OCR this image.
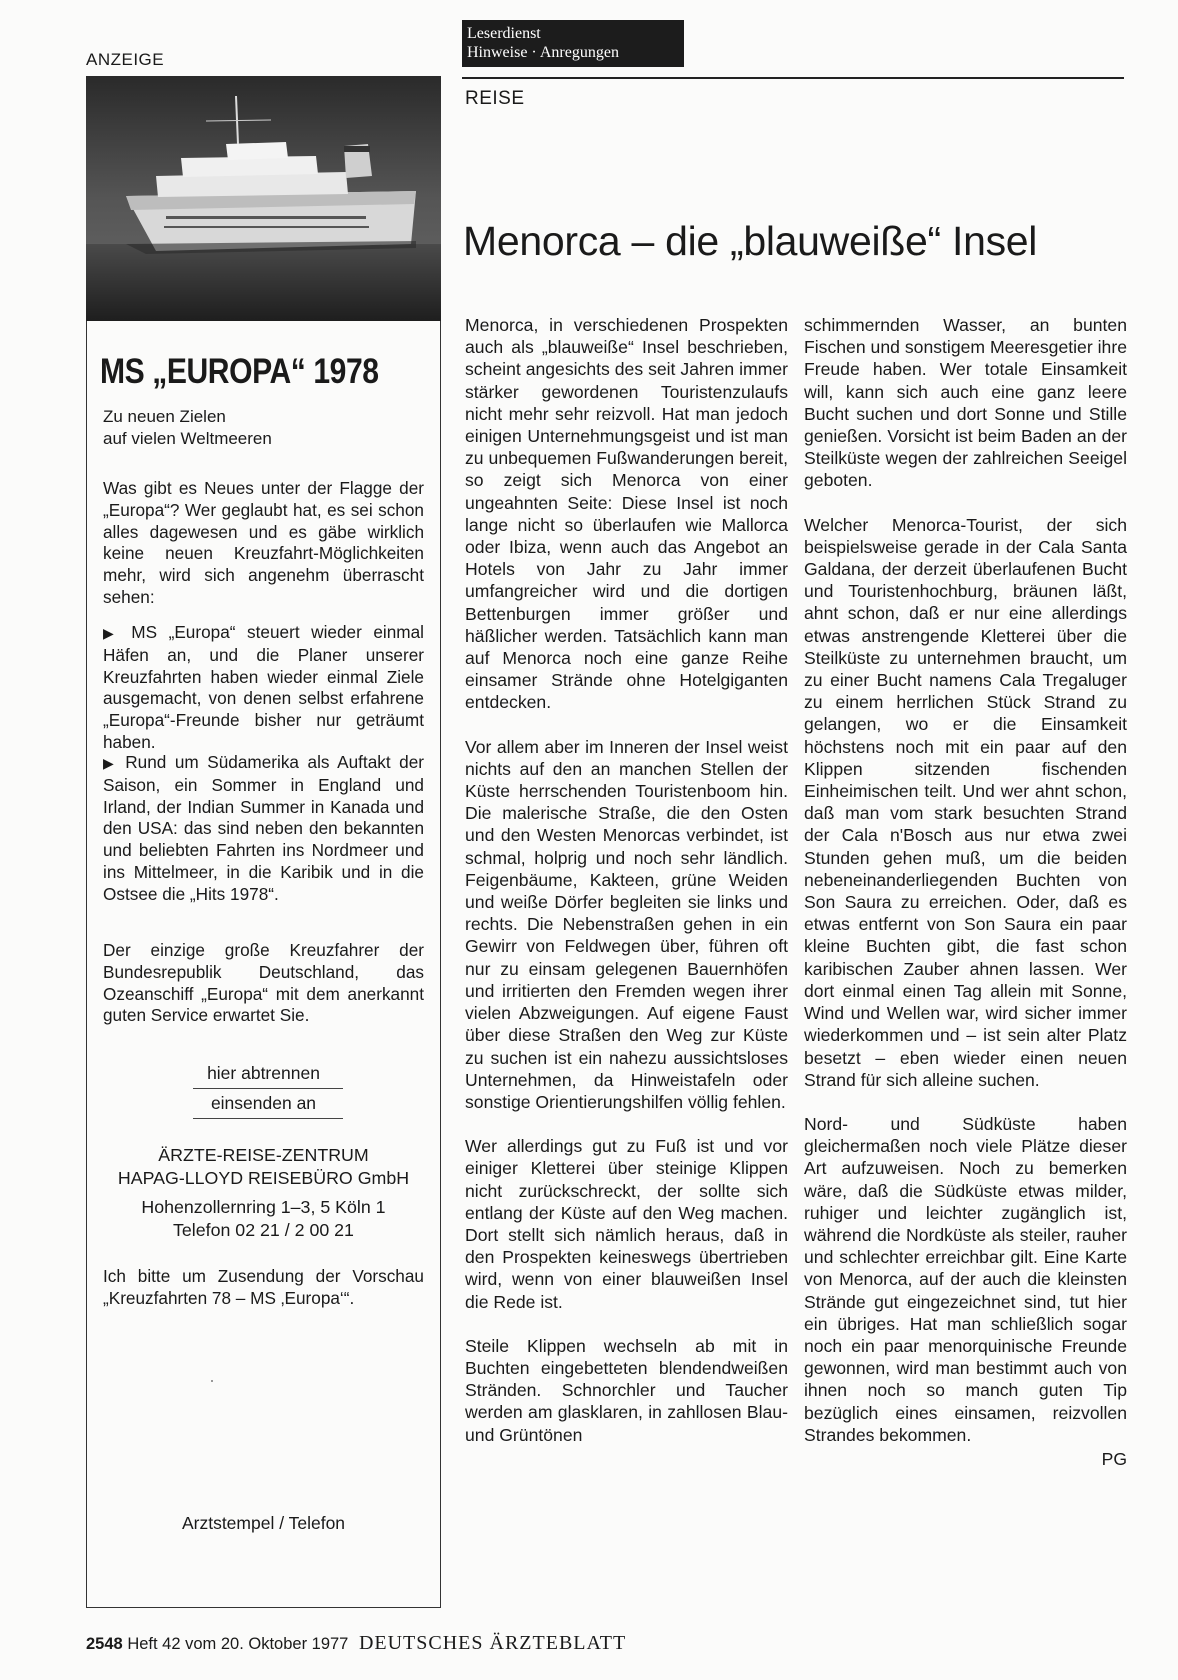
ANZEIGE
Leserdienst
Hinweise · Anregungen
REISE
Menorca – die „blauweiße“ Insel
MS „EUROPA“ 1978
Zu neuen Zielen
auf vielen Weltmeeren

Was gibt es Neues unter der Flagge der „Europa“? Wer geglaubt hat, es sei schon alles dagewesen und es gäbe wirklich keine neuen Kreuzfahrt-Möglichkeiten mehr, wird sich angenehm überrascht sehen:

▶ MS „Europa“ steuert wieder einmal Häfen an, und die Planer unserer Kreuzfahrten haben wieder einmal Ziele ausgemacht, von denen selbst erfahrene „Europa“-Freunde bisher nur geträumt haben.

▶ Rund um Südamerika als Auftakt der Saison, ein Sommer in England und Irland, der Indian Summer in Kanada und den USA: das sind neben den bekannten und beliebten Fahrten ins Nordmeer und ins Mittelmeer, in die Karibik und in die Ostsee die „Hits 1978“.

Der einzige große Kreuzfahrer der Bundesrepublik Deutschland, das Ozeanschiff „Europa“ mit dem anerkannt guten Service erwartet Sie.

hier abtrennen
einsenden an
ÄRZTE-REISE-ZENTRUM
HAPAG-LLOYD REISEBÜRO GmbH
Hohenzollernring 1–3, 5 Köln 1
Telefon 02 21 / 2 00 21

Ich bitte um Zusendung der Vorschau „Kreuzfahrten 78 – MS ‚Europa‘“.

Arztstempel / Telefon

Menorca, in verschiedenen Prospekten auch als „blauweiße“ Insel beschrieben, scheint angesichts des seit Jahren immer stärker gewordenen Touristenzulaufs nicht mehr sehr reizvoll. Hat man jedoch einigen Unternehmungsgeist und ist man zu unbequemen Fußwanderungen bereit, so zeigt sich Menorca von einer ungeahnten Seite: Diese Insel ist noch lange nicht so überlaufen wie Mallorca oder Ibiza, wenn auch das Angebot an Hotels von Jahr zu Jahr immer umfangreicher wird und die dortigen Bettenburgen immer größer und häßlicher werden. Tatsächlich kann man auf Menorca noch eine ganze Reihe einsamer Strände ohne Hotelgiganten entdecken.

Vor allem aber im Inneren der Insel weist nichts auf den an manchen Stellen der Küste herrschenden Touristenboom hin. Die malerische Straße, die den Osten und den Westen Menorcas verbindet, ist schmal, holprig und noch sehr ländlich. Feigenbäume, Kakteen, grüne Weiden und weiße Dörfer begleiten sie links und rechts. Die Nebenstraßen gehen in ein Gewirr von Feldwegen über, führen oft nur zu einsam gelegenen Bauernhöfen und irritierten den Fremden wegen ihrer vielen Abzweigungen. Auf eigene Faust über diese Straßen den Weg zur Küste zu suchen ist ein nahezu aussichtsloses Unternehmen, da Hinweistafeln oder sonstige Orientierungshilfen völlig fehlen.

Wer allerdings gut zu Fuß ist und vor einiger Kletterei über steinige Klippen nicht zurückschreckt, der sollte sich entlang der Küste auf den Weg machen. Dort stellt sich nämlich heraus, daß in den Prospekten keineswegs übertrieben wird, wenn von einer blauweißen Insel die Rede ist.

Steile Klippen wechseln ab mit in Buchten eingebetteten blendendweißen Stränden. Schnorchler und Taucher werden am glasklaren, in zahllosen Blau- und Grüntönen

schimmernden Wasser, an bunten Fischen und sonstigem Meeresgetier ihre Freude haben. Wer totale Einsamkeit will, kann sich auch eine ganz leere Bucht suchen und dort Sonne und Stille genießen. Vorsicht ist beim Baden an der Steilküste wegen der zahlreichen Seeigel geboten.

Welcher Menorca-Tourist, der sich beispielsweise gerade in der Cala Santa Galdana, der derzeit überlaufenen Bucht und Touristenhochburg, bräunen läßt, ahnt schon, daß er nur eine allerdings etwas anstrengende Kletterei über die Steilküste zu unternehmen braucht, um zu einer Bucht namens Cala Tregaluger zu einem herrlichen Stück Strand zu gelangen, wo er die Einsamkeit höchstens noch mit ein paar auf den Klippen sitzenden fischenden Einheimischen teilt. Und wer ahnt schon, daß man vom stark besuchten Strand der Cala n'Bosch aus nur etwa zwei Stunden gehen muß, um die beiden nebeneinanderliegenden Buchten von Son Saura zu erreichen. Oder, daß es etwas entfernt von Son Saura ein paar kleine Buchten gibt, die fast schon karibischen Zauber ahnen lassen. Wer dort einmal einen Tag allein mit Sonne, Wind und Wellen war, wird sicher immer wiederkommen und – ist sein alter Platz besetzt – eben wieder einen neuen Strand für sich alleine suchen.

Nord- und Südküste haben gleichermaßen noch viele Plätze dieser Art aufzuweisen. Noch zu bemerken wäre, daß die Südküste etwas milder, ruhiger und leichter zugänglich ist, während die Nordküste als steiler, rauher und schlechter erreichbar gilt. Eine Karte von Menorca, auf der auch die kleinsten Strände gut eingezeichnet sind, tut hier ein übriges. Hat man schließlich sogar noch ein paar menorquinische Freunde gewonnen, wird man bestimmt auch von ihnen noch so manch guten Tip bezüglich eines einsamen, reizvollen Strandes bekommen.

PG
2548 Heft 42 vom 20. Oktober 1977 DEUTSCHES ÄRZTEBLATT
